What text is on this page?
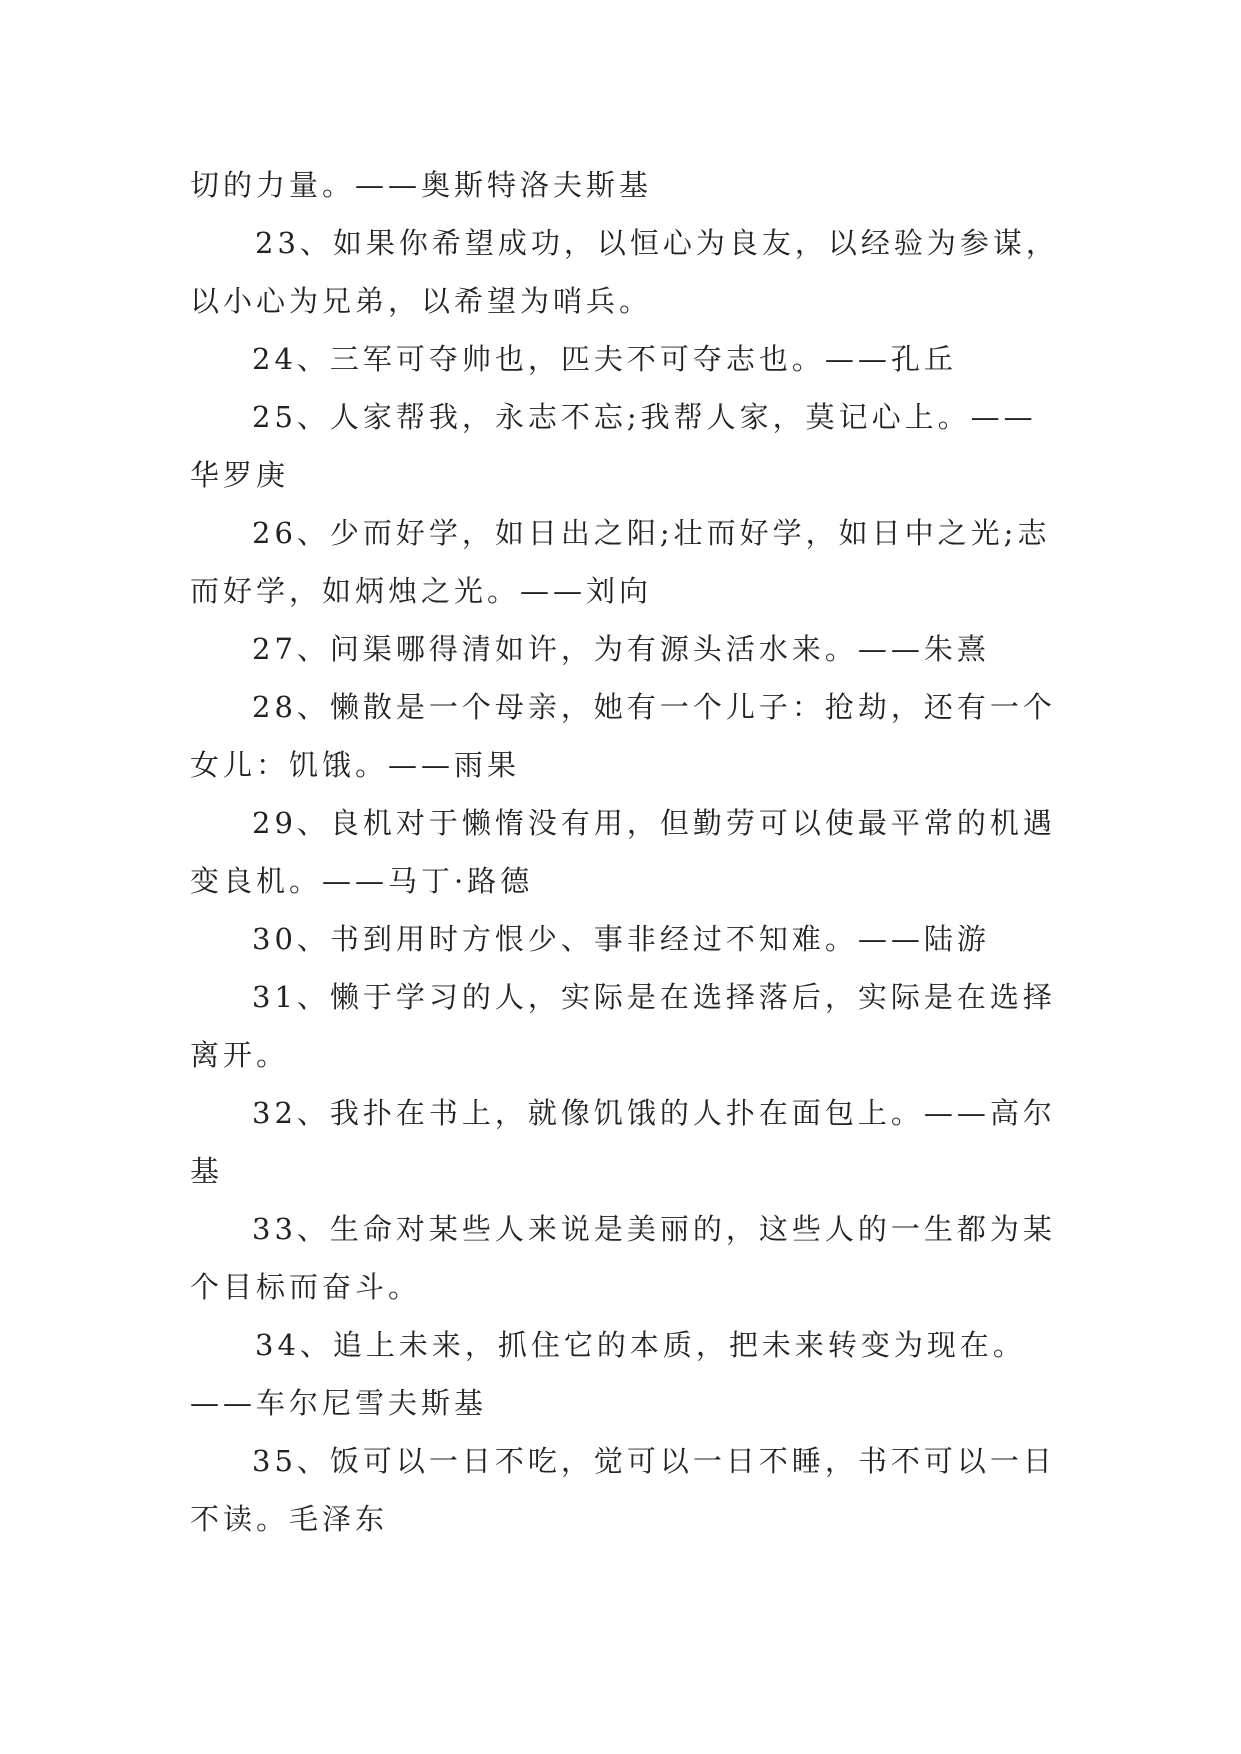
切的力量。——奥斯特洛夫斯基
23、如果你希望成功，以恒心为良友，以经验为参谋，
以小心为兄弟，以希望为哨兵。
24、三军可夺帅也，匹夫不可夺志也。——孔丘
25、人家帮我，永志不忘;我帮人家，莫记心上。——
华罗庚
26、少而好学，如日出之阳;壮而好学，如日中之光;志
而好学，如炳烛之光。——刘向
27、问渠哪得清如许，为有源头活水来。——朱熹
28、懒散是一个母亲，她有一个儿子：抢劫，还有一个
女儿：饥饿。——雨果
29、良机对于懒惰没有用，但勤劳可以使最平常的机遇
变良机。——马丁·路德
30、书到用时方恨少、事非经过不知难。——陆游
31、懒于学习的人，实际是在选择落后，实际是在选择
离开。
32、我扑在书上，就像饥饿的人扑在面包上。——高尔
基
33、生命对某些人来说是美丽的，这些人的一生都为某
个目标而奋斗。
34、追上未来，抓住它的本质，把未来转变为现在。
——车尔尼雪夫斯基
35、饭可以一日不吃，觉可以一日不睡，书不可以一日
不读。毛泽东
